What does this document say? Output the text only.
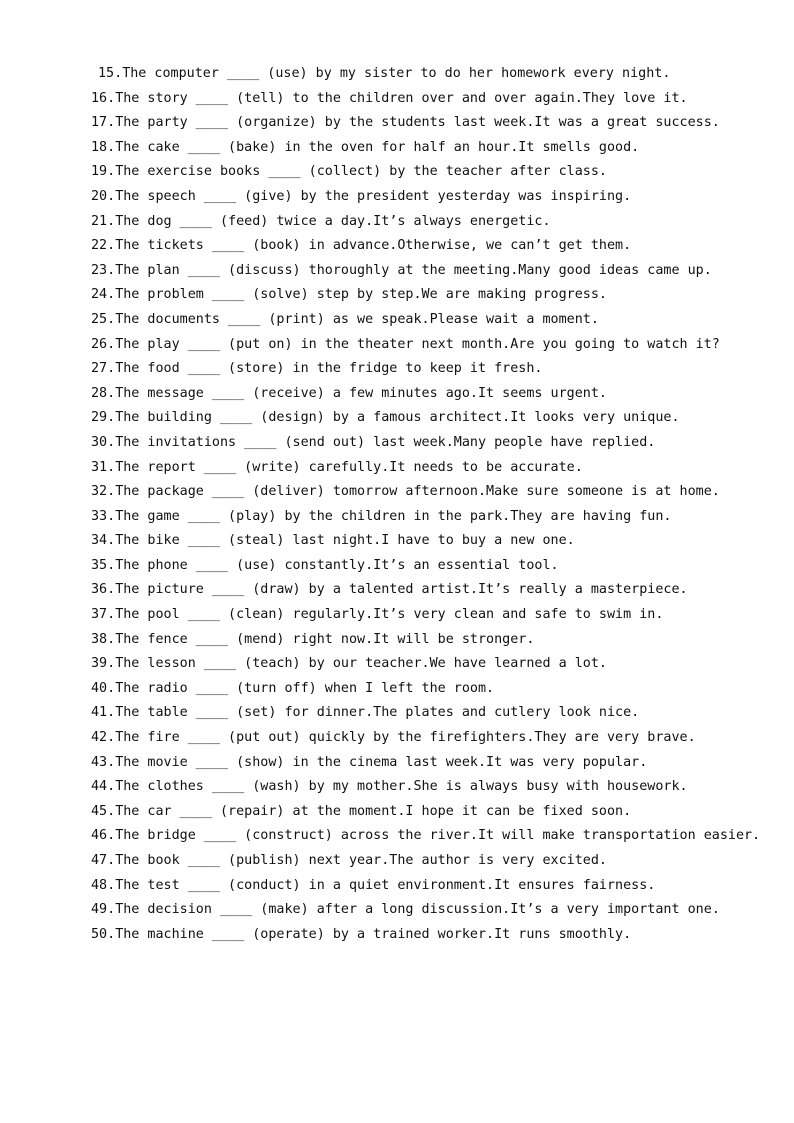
15.The computer ____ (use) by my sister to do her homework every night.
16.The story ____ (tell) to the children over and over again.They love it.
17.The party ____ (organize) by the students last week.It was a great success.
18.The cake ____ (bake) in the oven for half an hour.It smells good.
19.The exercise books ____ (collect) by the teacher after class.
20.The speech ____ (give) by the president yesterday was inspiring.
21.The dog ____ (feed) twice a day.It’s always energetic.
22.The tickets ____ (book) in advance.Otherwise, we can’t get them.
23.The plan ____ (discuss) thoroughly at the meeting.Many good ideas came up.
24.The problem ____ (solve) step by step.We are making progress.
25.The documents ____ (print) as we speak.Please wait a moment.
26.The play ____ (put on) in the theater next month.Are you going to watch it?
27.The food ____ (store) in the fridge to keep it fresh.
28.The message ____ (receive) a few minutes ago.It seems urgent.
29.The building ____ (design) by a famous architect.It looks very unique.
30.The invitations ____ (send out) last week.Many people have replied.
31.The report ____ (write) carefully.It needs to be accurate.
32.The package ____ (deliver) tomorrow afternoon.Make sure someone is at home.
33.The game ____ (play) by the children in the park.They are having fun.
34.The bike ____ (steal) last night.I have to buy a new one.
35.The phone ____ (use) constantly.It’s an essential tool.
36.The picture ____ (draw) by a talented artist.It’s really a masterpiece.
37.The pool ____ (clean) regularly.It’s very clean and safe to swim in.
38.The fence ____ (mend) right now.It will be stronger.
39.The lesson ____ (teach) by our teacher.We have learned a lot.
40.The radio ____ (turn off) when I left the room.
41.The table ____ (set) for dinner.The plates and cutlery look nice.
42.The fire ____ (put out) quickly by the firefighters.They are very brave.
43.The movie ____ (show) in the cinema last week.It was very popular.
44.The clothes ____ (wash) by my mother.She is always busy with housework.
45.The car ____ (repair) at the moment.I hope it can be fixed soon.
46.The bridge ____ (construct) across the river.It will make transportation easier.
47.The book ____ (publish) next year.The author is very excited.
48.The test ____ (conduct) in a quiet environment.It ensures fairness.
49.The decision ____ (make) after a long discussion.It’s a very important one.
50.The machine ____ (operate) by a trained worker.It runs smoothly.
